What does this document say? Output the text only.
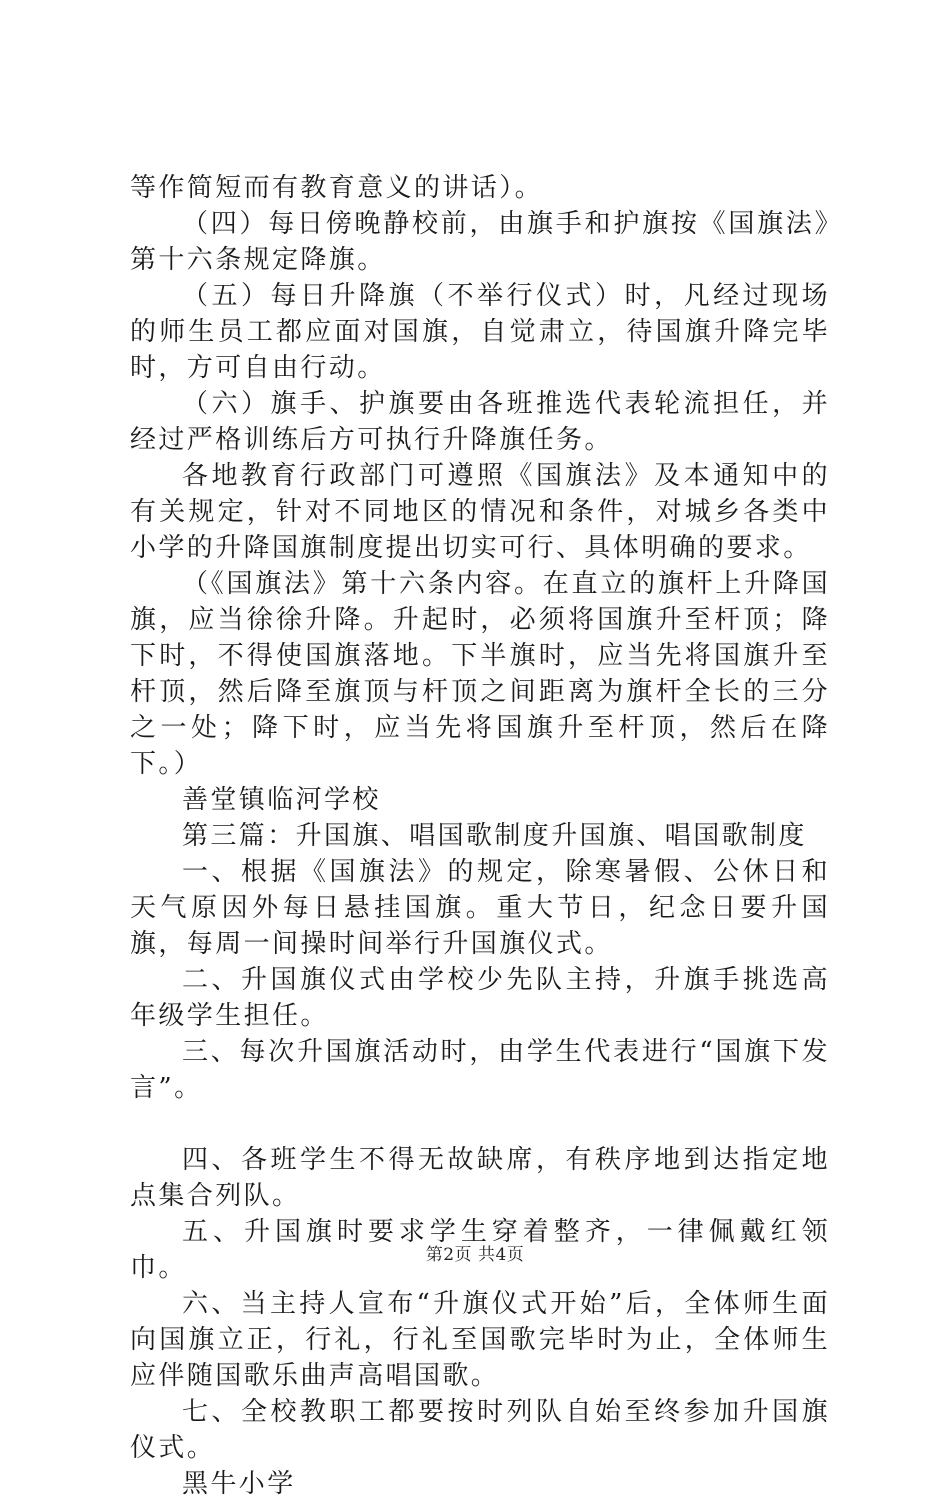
等作简短而有教育意义的讲话）。

（四）每日傍晚静校前，由旗手和护旗按《国旗法》第十六条规定降旗。

（五）每日升降旗（不举行仪式）时，凡经过现场的师生员工都应面对国旗，自觉肃立，待国旗升降完毕时，方可自由行动。

（六）旗手、护旗要由各班推选代表轮流担任，并经过严格训练后方可执行升降旗任务。

各地教育行政部门可遵照《国旗法》及本通知中的有关规定，针对不同地区的情况和条件，对城乡各类中小学的升降国旗制度提出切实可行、具体明确的要求。

（《国旗法》第十六条内容。在直立的旗杆上升降国旗，应当徐徐升降。升起时，必须将国旗升至杆顶；降下时，不得使国旗落地。下半旗时，应当先将国旗升至杆顶，然后降至旗顶与杆顶之间距离为旗杆全长的三分之一处；降下时，应当先将国旗升至杆顶，然后在降下。）

善堂镇临河学校

第三篇：升国旗、唱国歌制度升国旗、唱国歌制度

一、根据《国旗法》的规定，除寒暑假、公休日和天气原因外每日悬挂国旗。重大节日，纪念日要升国旗，每周一间操时间举行升国旗仪式。

二、升国旗仪式由学校少先队主持，升旗手挑选高年级学生担任。

三、每次升国旗活动时，由学生代表进行“国旗下发言”。

四、各班学生不得无故缺席，有秩序地到达指定地点集合列队。

五、升国旗时要求学生穿着整齐，一律佩戴红领巾。

六、当主持人宣布“升旗仪式开始”后，全体师生面向国旗立正，行礼，行礼至国歌完毕时为止，全体师生应伴随国歌乐曲声高唱国歌。

七、全校教职工都要按时列队自始至终参加升国旗仪式。

黑牛小学

第2页 共4页
